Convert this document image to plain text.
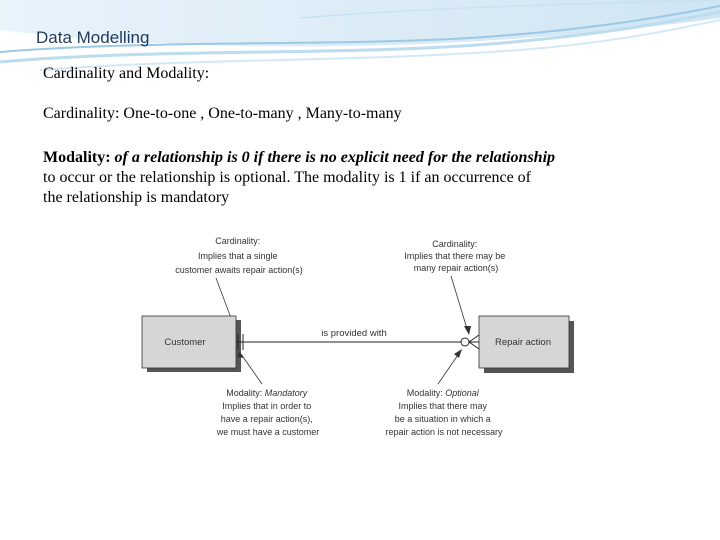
Data Modelling
Cardinality and Modality:
Cardinality: One-to-one , One-to-many , Many-to-many
Modality: of a relationship is 0 if there is no explicit need for the relationship
to occur or the relationship is optional. The modality is 1 if an occurrence of
the relationship is mandatory
Cardinality: Implies that a single customer awaits repair action(s)
Cardinality: Implies that there may be many repair action(s)
Customer	Repair action
is provided with
Modality: Mandatory Implies that in order to have a repair action(s), we must have a customer
Modality: Optional Implies that there may be a situation in which a repair action is not necessary
